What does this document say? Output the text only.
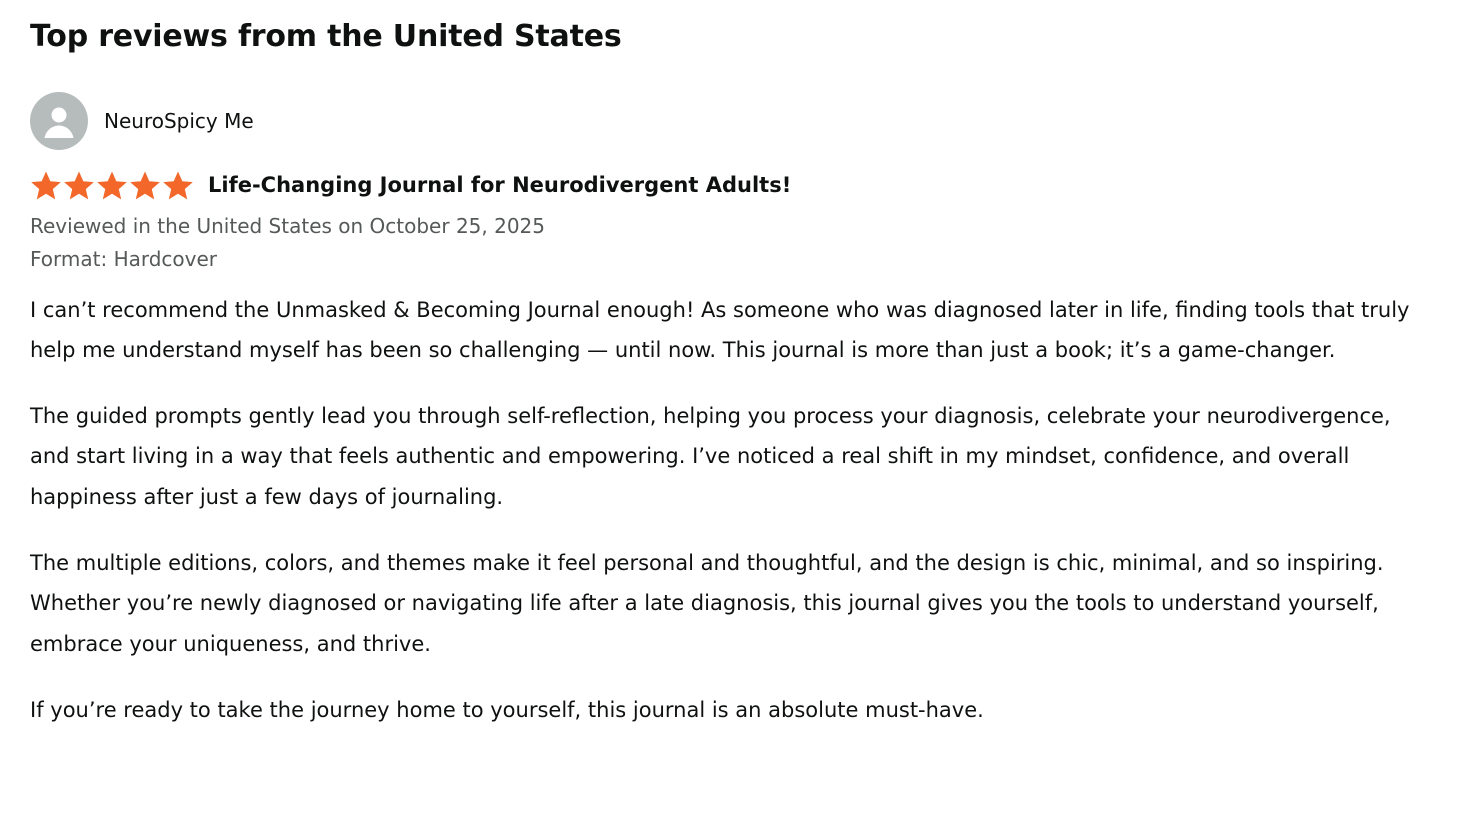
Top reviews from the United States
NeuroSpicy Me
Life-Changing Journal for Neurodivergent Adults!
Reviewed in the United States on October 25, 2025
Format: Hardcover

I can’t recommend the Unmasked & Becoming Journal enough! As someone who was diagnosed later in life, finding tools that truly help me understand myself has been so challenging — until now. This journal is more than just a book; it’s a game-changer.

The guided prompts gently lead you through self-reflection, helping you process your diagnosis, celebrate your neurodivergence, and start living in a way that feels authentic and empowering. I’ve noticed a real shift in my mindset, confidence, and overall happiness after just a few days of journaling.

The multiple editions, colors, and themes make it feel personal and thoughtful, and the design is chic, minimal, and so inspiring. Whether you’re newly diagnosed or navigating life after a late diagnosis, this journal gives you the tools to understand yourself, embrace your uniqueness, and thrive.

If you’re ready to take the journey home to yourself, this journal is an absolute must-have.
